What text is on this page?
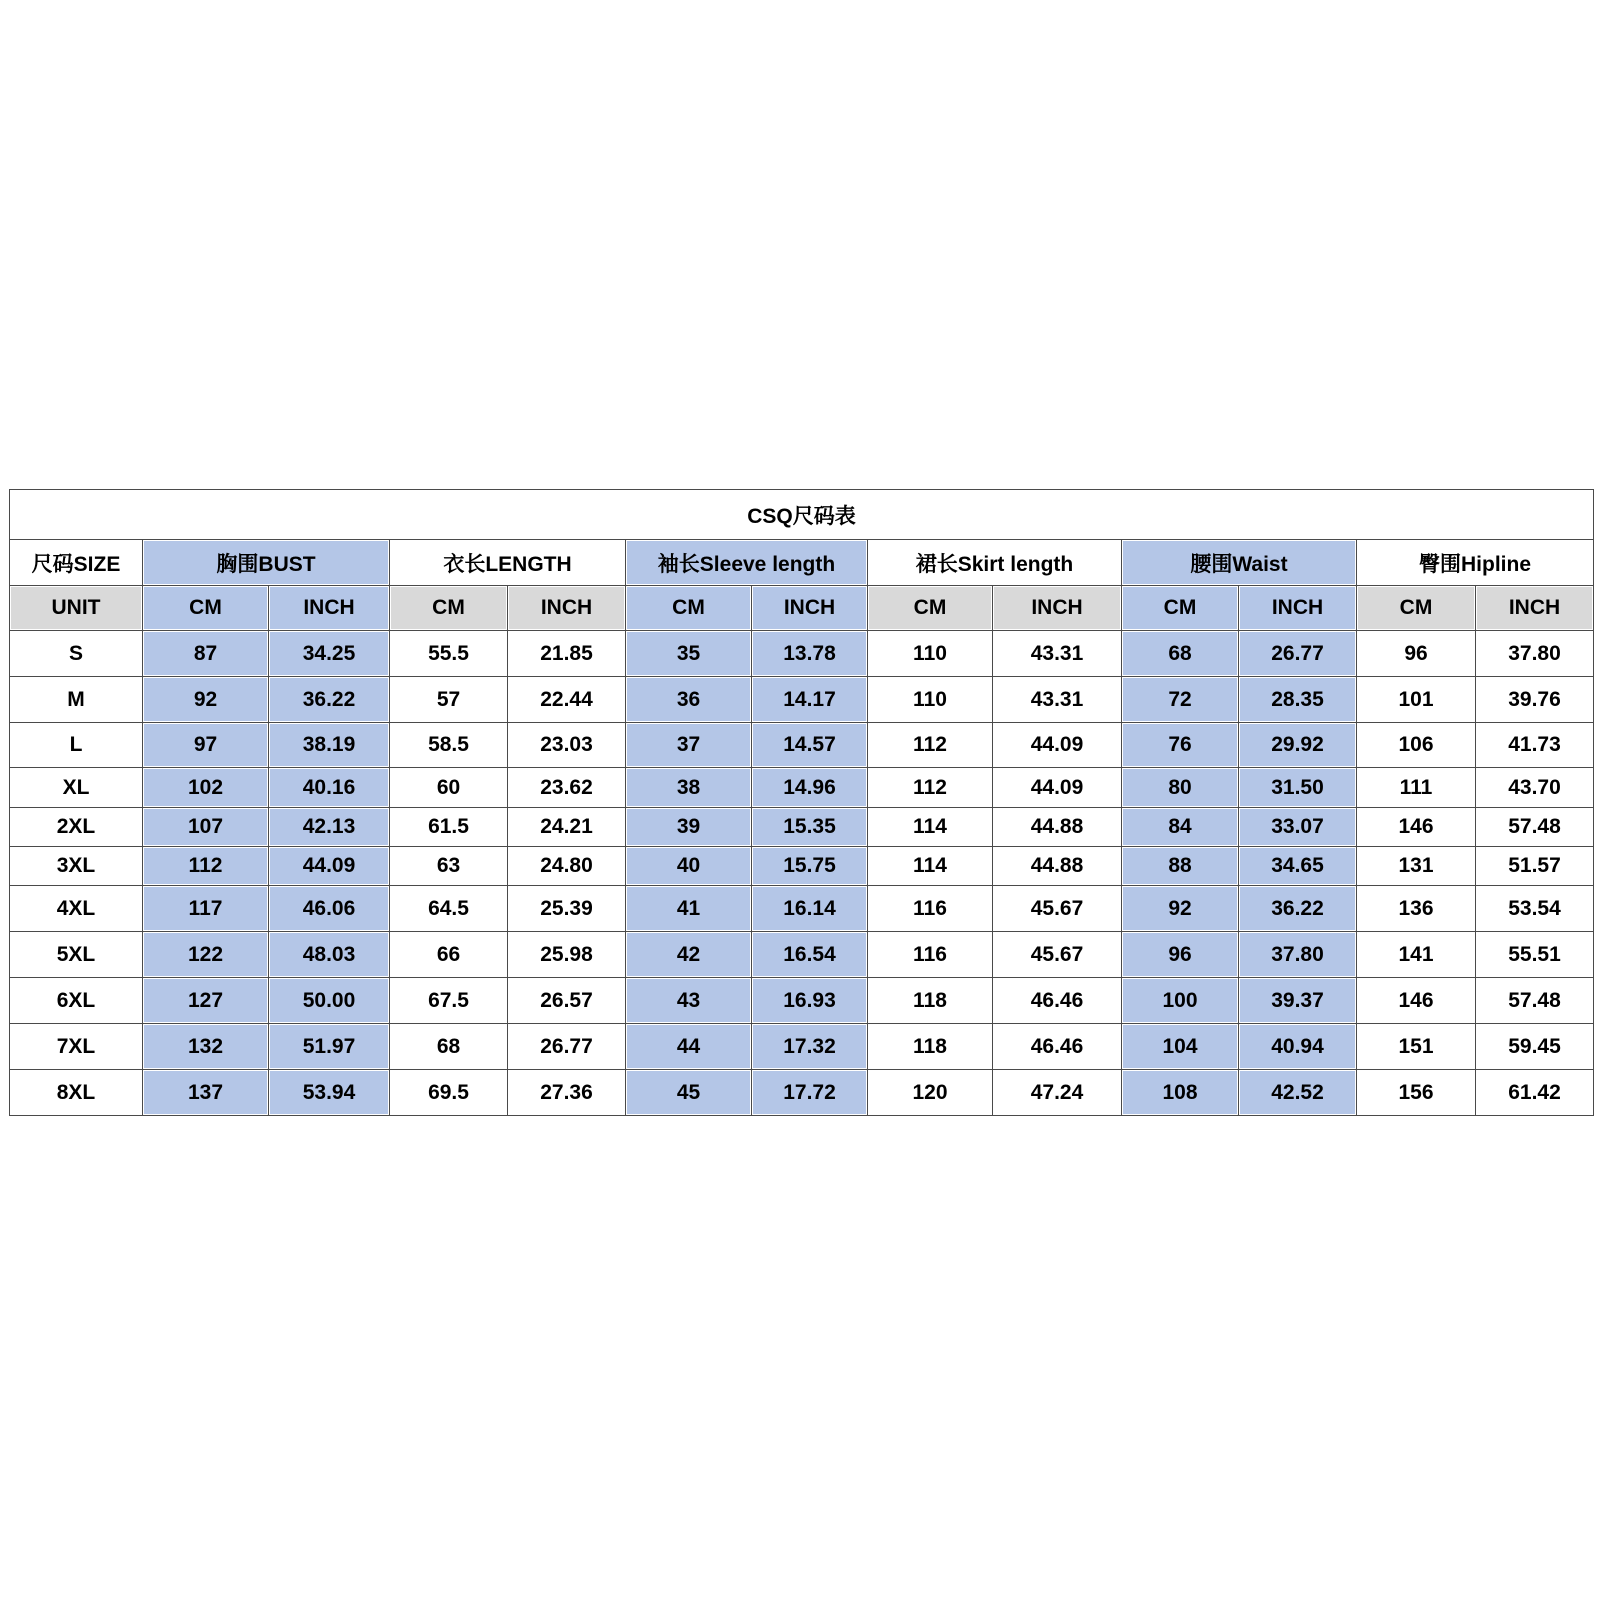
CSQ尺码表												
尺码SIZE	胸围BUST		衣长LENGTH		袖长Sleeve length		裙长Skirt length		腰围Waist		臀围Hipline	
UNIT	CM	INCH	CM	INCH	CM	INCH	CM	INCH	CM	INCH	CM	INCH
S	87	34.25	55.5	21.85	35	13.78	110	43.31	68	26.77	96	37.80
M	92	36.22	57	22.44	36	14.17	110	43.31	72	28.35	101	39.76
L	97	38.19	58.5	23.03	37	14.57	112	44.09	76	29.92	106	41.73
XL	102	40.16	60	23.62	38	14.96	112	44.09	80	31.50	111	43.70
2XL	107	42.13	61.5	24.21	39	15.35	114	44.88	84	33.07	146	57.48
3XL	112	44.09	63	24.80	40	15.75	114	44.88	88	34.65	131	51.57
4XL	117	46.06	64.5	25.39	41	16.14	116	45.67	92	36.22	136	53.54
5XL	122	48.03	66	25.98	42	16.54	116	45.67	96	37.80	141	55.51
6XL	127	50.00	67.5	26.57	43	16.93	118	46.46	100	39.37	146	57.48
7XL	132	51.97	68	26.77	44	17.32	118	46.46	104	40.94	151	59.45
8XL	137	53.94	69.5	27.36	45	17.72	120	47.24	108	42.52	156	61.42
